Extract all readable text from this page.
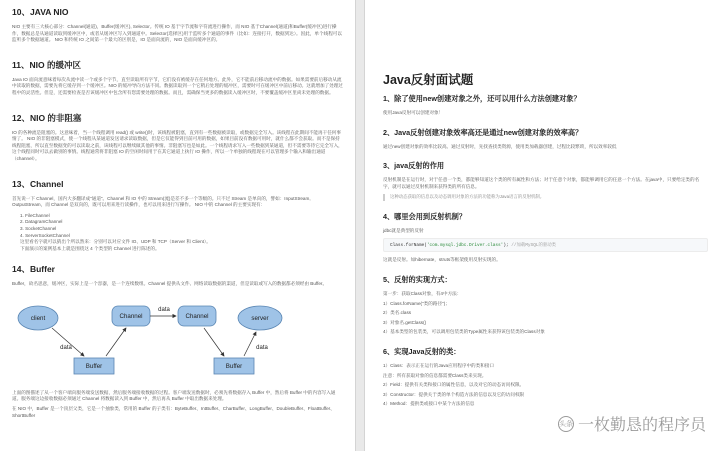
10、JAVA NIO

NIO 主要有三大核心部分：Channel(通道)，Buffer(缓冲区), Selector。传统 IO 基于字节流和字符流进行操作，而 NIO 基于Channel(通道)和Buffer(缓冲区)进行操作，数据总是从通道读取到缓冲区中，或者从缓冲区写入到通道中。Selector(选择区)用于监听多个通道的事件（比如：连接打开，数据到达）。因此，单个线程可以监听多个数据通道。 NIO 和传统 IO 之间第一个最大的区别是，IO 是面向流的，NIO 是面向缓冲区的。

11、NIO 的缓冲区

Java IO 面向流意味着每次从流中读一个或多个字节，直至读取所有字节，它们没有被缓存在任何地方。此外，它不能前后移动流中的数据。如果需要前后移动从流中读取的数据，需要先将它缓存到一个缓冲区。NIO 的缓冲导向方法不同。数据读取到一个它稍后处理的缓冲区，需要时可在缓冲区中前后移动。这就增加了处理过程中的灵活性。但是，还需要检查是否该缓冲区中包含所有您需要处理的数据。而且，需确保当更多的数据读入缓冲区时，不要覆盖缓冲区里尚未处理的数据。

12、NIO 的非阻塞

IO 的各种流是阻塞的。这意味着，当一个线程调用 read() 或 write()时，该线程被阻塞，直到有一些数据被读取，或数据完全写入。该线程在此期间不能再干任何事情了。 NIO 的非阻塞模式，使一个线程从某通道发送请求读取数据，但是它仅能得到目前可用的数据，如果目前没有数据可用时，就什么都不会获取。而不是保持线程阻塞，所以直至数据变的可以读取之前，该线程可以继续做其他的事情。非阻塞写也是如此。一个线程请求写入一些数据到某通道，但不需要等待它完全写入，这个线程同时可以去做别的事情。线程通常将非阻塞 IO 的空闲时间用于在其它通道上执行 IO 操作，所以一个单独的线程现在可以管理多个输入和输出通道（channel）。

13、Channel

首先说一下 Channel，国内大多翻译成"通道"。Channel 和 IO 中的 Stream(流)是差不多一个等级的。只不过 Stream 是单向的，譬如：InputStream, OutputStream，而 Channel 是双向的，既可以用来进行读操作，也可以用来进行写操作。 NIO 中的 Channel 的主要实现有：

1. FileChannel
2. DatagramChannel
3. SocketChannel
4. ServerSocketChannel
这里看名字就可以猜出个所以然来：分别可以对应文件 IO、UDP 和 TCP（Server 和 Client）。
下面演示的案例基本上就是围绕这 4 个类型的 Channel 进行陈述的。
14、Buffer

Buffer，故名思意，缓冲区，实际上是一个容器，是一个连续数组。Channel 提供从文件、网络读取数据的渠道，但是读取或写入的数据都必须经由 Buffer。

client	Channel	Channel	server
Buffer	Buffer
data
data	data

上面的图描述了从一个客户端向服务端发送数据，然后服务端接收数据的过程。客户端发送数据时，必须先将数据存入 Buffer 中，然后将 Buffer 中的内容写入通道。服务端这边接收数据必须通过 Channel 将数据读入到 Buffer 中，然后再从 Buffer 中取出数据来处理。

在 NIO 中，Buffer 是一个顶层父类，它是一个抽象类，常用的 Buffer 的子类有：ByteBuffer、IntBuffer、CharBuffer、LongBuffer、DoubleBuffer、FloatBuffer、ShortBuffer

Java反射面试题
1、除了使用new创建对象之外，还可以用什么方法创建对象？

使用Java反射可以创建对象！

2、Java反射创建对象效率高还是通过new创建对象的效率高？

通过new创建对象的效率比较高。通过反射时，先找查找类资源，使用类加载器创建，过程比较繁琐，所以效率较低

3、java反射的作用

反射机制是在运行时，对于任意一个类，都能够知道这个类的所有属性和方法；对于任意个对象，都能够调用它的任意一个方法。在java中，只要给定类的名字，就可以通过反射机制来获得类的所有信息。

这种动态获取的信息以及动态调用对象的方法的功能称为Java语言的反射机制。
4、哪里会用到反射机制？

jdbc就是典型的反射

Class.forName('com.mysql.jdbc.Driver.class'); //加载MySQL的驱动类

这就是反射。如hibernate，struts等框架使用反射实现的。

5、反射的实现方式：

第一步：获取Class对象，有4中方法：

1）Class.forName("类的路径")；

2）类名.class

3）对象名.getClass()

4）基本类型的包装类，可以调用包装类的Type属性来获得该包装类的Class对象

6、实现Java反射的类：

1）Class：表示正在运行的Java应用程序中的类和接口

注意：所有获取对象的信息都需要Class类来实现。

2）Field：提供有关类和接口的属性信息，以及对它的动态访问权限。

3）Constructor：提供关于类的单个构造方法的信息以及它的访问权限

4）Method：提供类或接口中某个方法的信息

头条 一枚勤恳的程序员
